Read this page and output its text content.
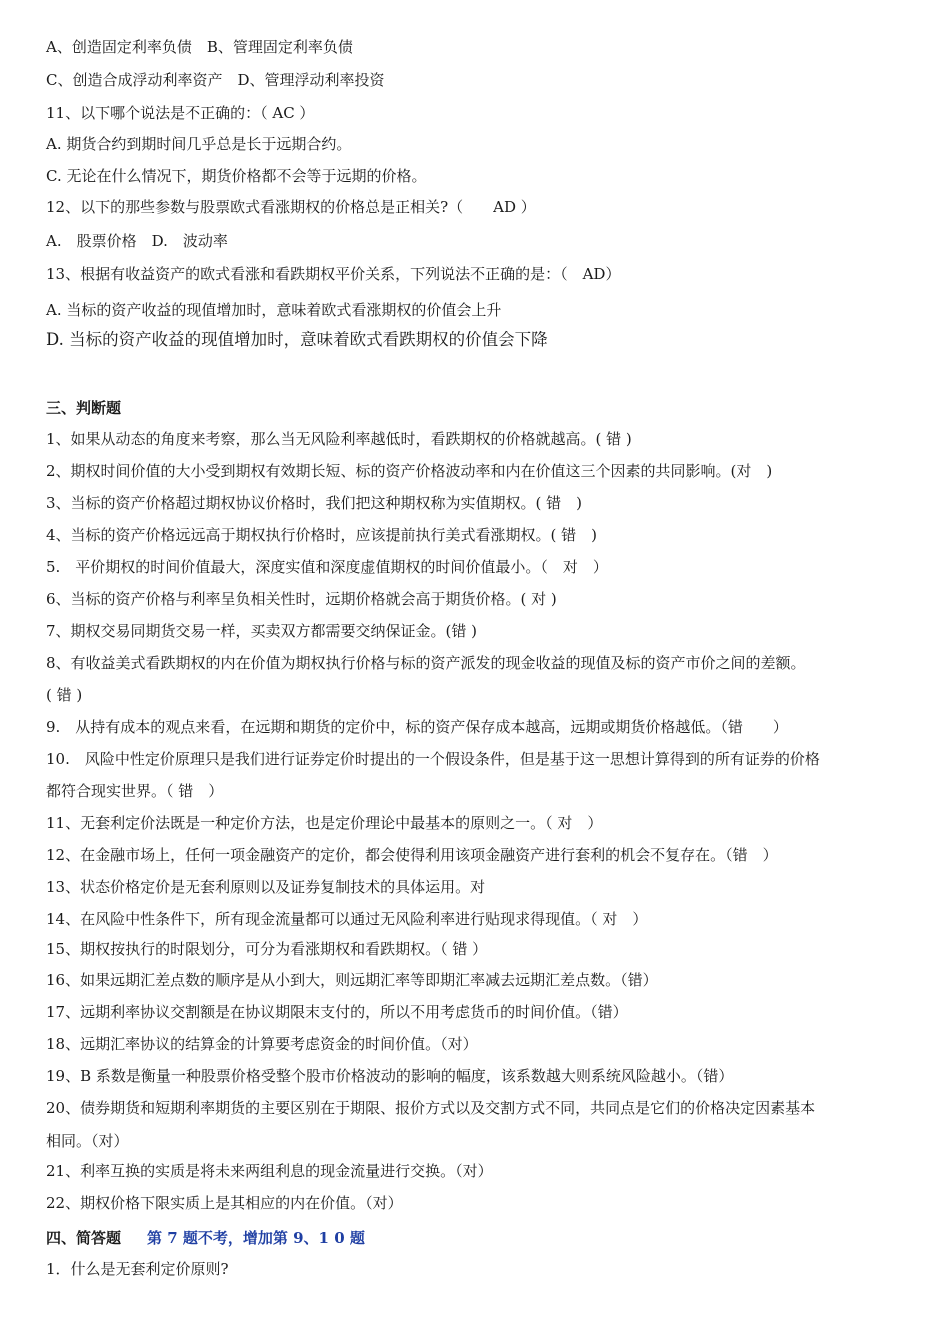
A、创造固定利率负债　B、管理固定利率负债
C、创造合成浮动利率资产　D、管理浮动利率投资
11、以下哪个说法是不正确的：（ AC ）
A. 期货合约到期时间几乎总是长于远期合约。
C. 无论在什么情况下，期货价格都不会等于远期的价格。
12、以下的那些参数与股票欧式看涨期权的价格总是正相关?（　　AD ）
A.　股票价格　D.　波动率
13、根据有收益资产的欧式看涨和看跌期权平价关系，下列说法不正确的是：（　AD）
A. 当标的资产收益的现值增加时，意味着欧式看涨期权的价值会上升
D. 当标的资产收益的现值增加时，意味着欧式看跌期权的价值会下降
三、判断题
1、如果从动态的角度来考察，那么当无风险利率越低时，看跌期权的价格就越高。( 错 )
2、期权时间价值的大小受到期权有效期长短、标的资产价格波动率和内在价值这三个因素的共同影响。(对　)
3、当标的资产价格超过期权协议价格时，我们把这种期权称为实值期权。( 错　)
4、当标的资产价格远远高于期权执行价格时，应该提前执行美式看涨期权。( 错　)
5.　平价期权的时间价值最大，深度实值和深度虚值期权的时间价值最小。（　对　）
6、当标的资产价格与利率呈负相关性时，远期价格就会高于期货价格。( 对 )
7、期权交易同期货交易一样，买卖双方都需要交纳保证金。(错 )
8、有收益美式看跌期权的内在价值为期权执行价格与标的资产派发的现金收益的现值及标的资产市价之间的差额。
( 错 )
9.　从持有成本的观点来看，在远期和期货的定价中，标的资产保存成本越高，远期或期货价格越低。（错　　）
10.　风险中性定价原理只是我们进行证券定价时提出的一个假设条件，但是基于这一思想计算得到的所有证券的价格
都符合现实世界。（ 错　）
11、无套利定价法既是一种定价方法，也是定价理论中最基本的原则之一。（ 对　）
12、在金融市场上，任何一项金融资产的定价，都会使得利用该项金融资产进行套利的机会不复存在。（错　）
13、状态价格定价是无套利原则以及证券复制技术的具体运用。对
14、在风险中性条件下，所有现金流量都可以通过无风险利率进行贴现求得现值。（ 对　）
15、期权按执行的时限划分，可分为看涨期权和看跌期权。（ 错 ）
16、如果远期汇差点数的顺序是从小到大，则远期汇率等即期汇率减去远期汇差点数。（错）
17、远期利率协议交割额是在协议期限末支付的，所以不用考虑货币的时间价值。（错）
18、远期汇率协议的结算金的计算要考虑资金的时间价值。（对）
19、B 系数是衡量一种股票价格受整个股市价格波动的影响的幅度，该系数越大则系统风险越小。（错）
20、债券期货和短期利率期货的主要区别在于期限、报价方式以及交割方式不同，共同点是它们的价格决定因素基本
相同。（对）
21、利率互换的实质是将未来两组利息的现金流量进行交换。（对）
22、期权价格下限实质上是其相应的内在价值。（对）
四、简答题 第 7 题不考，增加第 9、1 0 题
1．什么是无套利定价原则?
